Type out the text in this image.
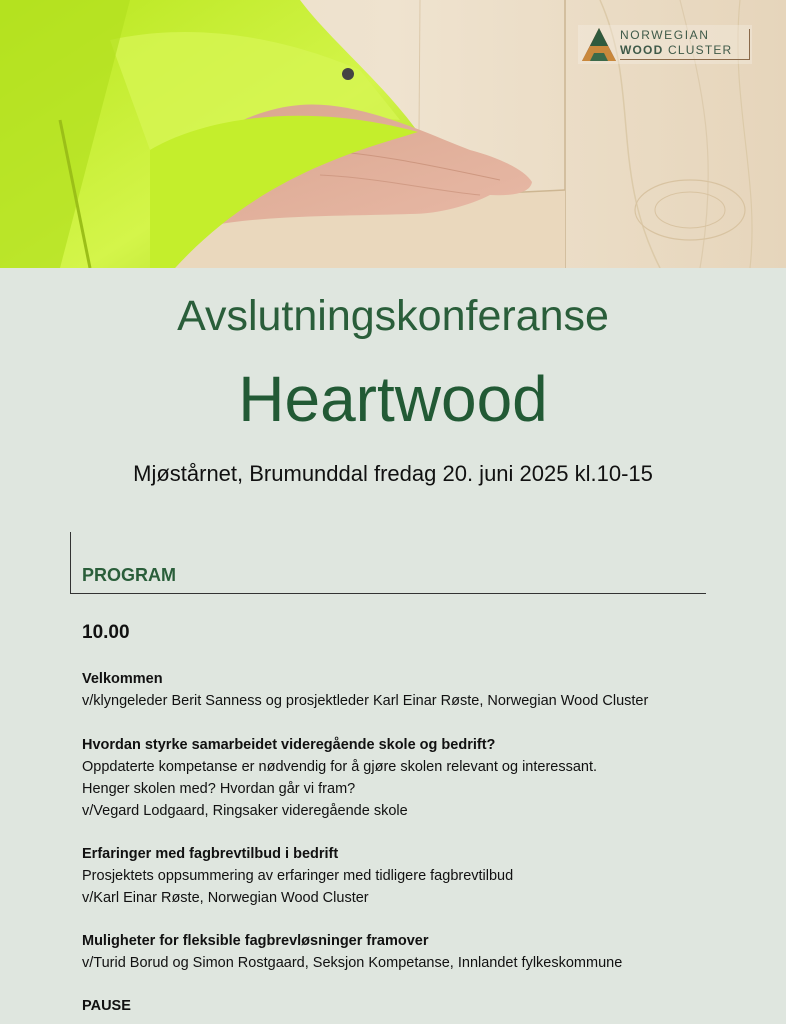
NORWEGIAN
WOOD CLUSTER
Avslutningskonferanse
Heartwood
Mjøstårnet, Brumunddal fredag 20. juni 2025 kl.10-15
PROGRAM
10.00
Velkommen
v/klyngeleder Berit Sanness og prosjektleder Karl Einar Røste, Norwegian Wood Cluster
Hvordan styrke samarbeidet videregående skole og bedrift?
Oppdaterte kompetanse er nødvendig for å gjøre skolen relevant og interessant.
Henger skolen med? Hvordan går vi fram?
v/Vegard Lodgaard, Ringsaker videregående skole
Erfaringer med fagbrevtilbud i bedrift
Prosjektets oppsummering av erfaringer med tidligere fagbrevtilbud
v/Karl Einar Røste, Norwegian Wood Cluster
Muligheter for fleksible fagbrevløsninger framover
v/Turid Borud og Simon Rostgaard, Seksjon Kompetanse, Innlandet fylkeskommune
PAUSE
